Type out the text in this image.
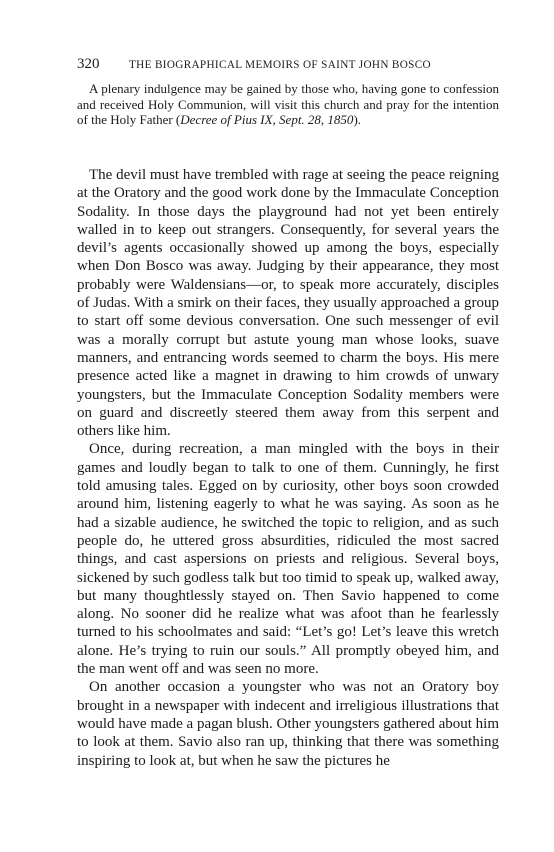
320	THE BIOGRAPHICAL MEMOIRS OF SAINT JOHN BOSCO

A plenary indulgence may be gained by those who, having gone to confession and received Holy Communion, will visit this church and pray for the intention of the Holy Father (Decree of Pius IX, Sept. 28, 1850).

The devil must have trembled with rage at seeing the peace reigning at the Oratory and the good work done by the Immaculate Conception Sodality. In those days the playground had not yet been entirely walled in to keep out strangers. Consequently, for several years the devil’s agents occasionally showed up among the boys, especially when Don Bosco was away. Judging by their appearance, they most probably were Waldensians—or, to speak more accurately, disciples of Judas. With a smirk on their faces, they usually approached a group to start off some devious conversation. One such messenger of evil was a morally corrupt but astute young man whose looks, suave manners, and entrancing words seemed to charm the boys. His mere presence acted like a magnet in drawing to him crowds of unwary youngsters, but the Immaculate Conception Sodality members were on guard and discreetly steered them away from this serpent and others like him.

Once, during recreation, a man mingled with the boys in their games and loudly began to talk to one of them. Cunningly, he first told amusing tales. Egged on by curiosity, other boys soon crowded around him, listening eagerly to what he was saying. As soon as he had a sizable audience, he switched the topic to religion, and as such people do, he uttered gross absurdities, ridiculed the most sacred things, and cast aspersions on priests and religious. Several boys, sickened by such godless talk but too timid to speak up, walked away, but many thoughtlessly stayed on. Then Savio happened to come along. No sooner did he realize what was afoot than he fearlessly turned to his schoolmates and said: “Let’s go! Let’s leave this wretch alone. He’s trying to ruin our souls.” All promptly obeyed him, and the man went off and was seen no more.

On another occasion a youngster who was not an Oratory boy brought in a newspaper with indecent and irreligious illustrations that would have made a pagan blush. Other youngsters gathered about him to look at them. Savio also ran up, thinking that there was something inspiring to look at, but when he saw the pictures he
